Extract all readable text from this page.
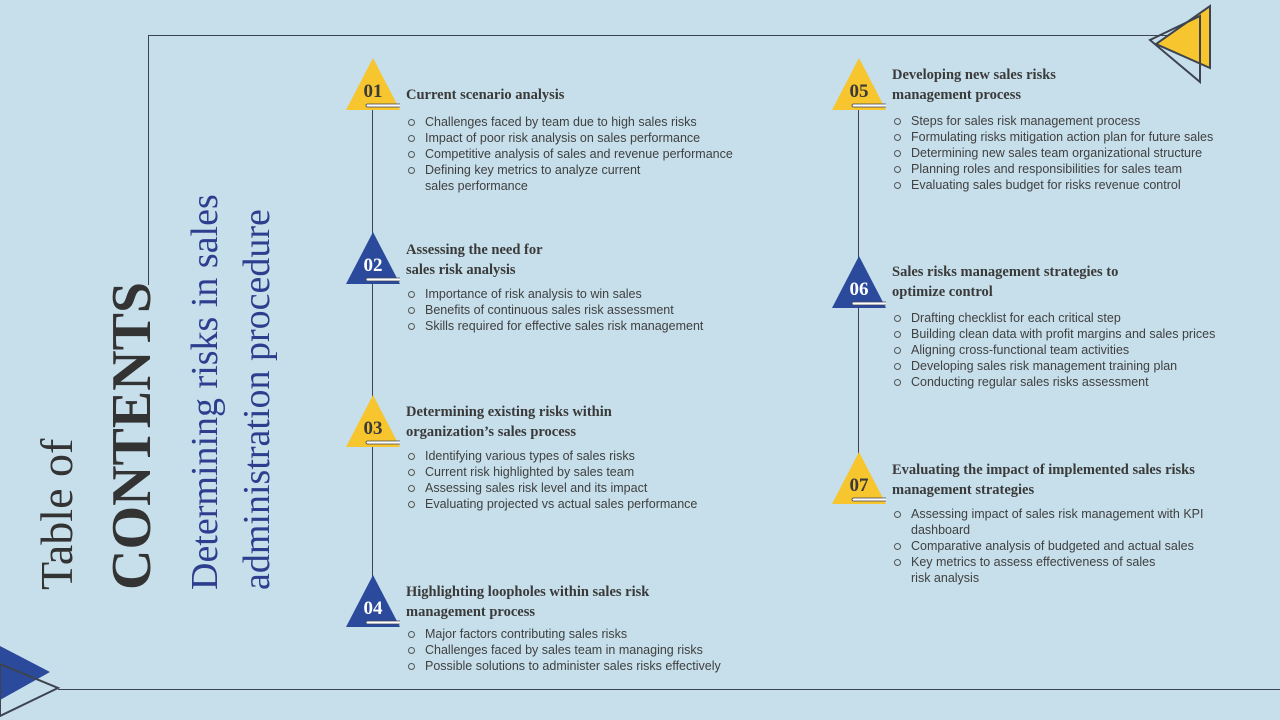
Table of CONTENTS Determining risks in sales administration procedure
01
02
03
04
05
06
07
Current scenario analysis
Challenges faced by team due to high sales risks
Impact of poor risk analysis on sales performance
Competitive analysis of sales and revenue performance
Defining key metrics to analyze current
sales performance
Assessing the need for
sales risk analysis
Importance of risk analysis to win sales
Benefits of continuous sales risk assessment
Skills required for effective sales risk management
Determining existing risks within
organization’s sales process
Identifying various types of sales risks
Current risk highlighted by sales team
Assessing sales risk level and its impact
Evaluating projected vs actual sales performance
Highlighting loopholes within sales risk
management process
Major factors contributing sales risks
Challenges faced by sales team in managing risks
Possible solutions to administer sales risks effectively
Developing new sales risks
management process
Steps for sales risk management process
Formulating risks mitigation action plan for future sales
Determining new sales team organizational structure
Planning roles and responsibilities for sales team
Evaluating sales budget for risks revenue control
Sales risks management strategies to
optimize control
Drafting checklist for each critical step
Building clean data with profit margins and sales prices
Aligning cross-functional team activities
Developing sales risk management training plan
Conducting regular sales risks assessment
Evaluating the impact of implemented sales risks
management strategies
Assessing impact of sales risk management with KPI
dashboard
Comparative analysis of budgeted and actual sales
Key metrics to assess effectiveness of sales
risk analysis
